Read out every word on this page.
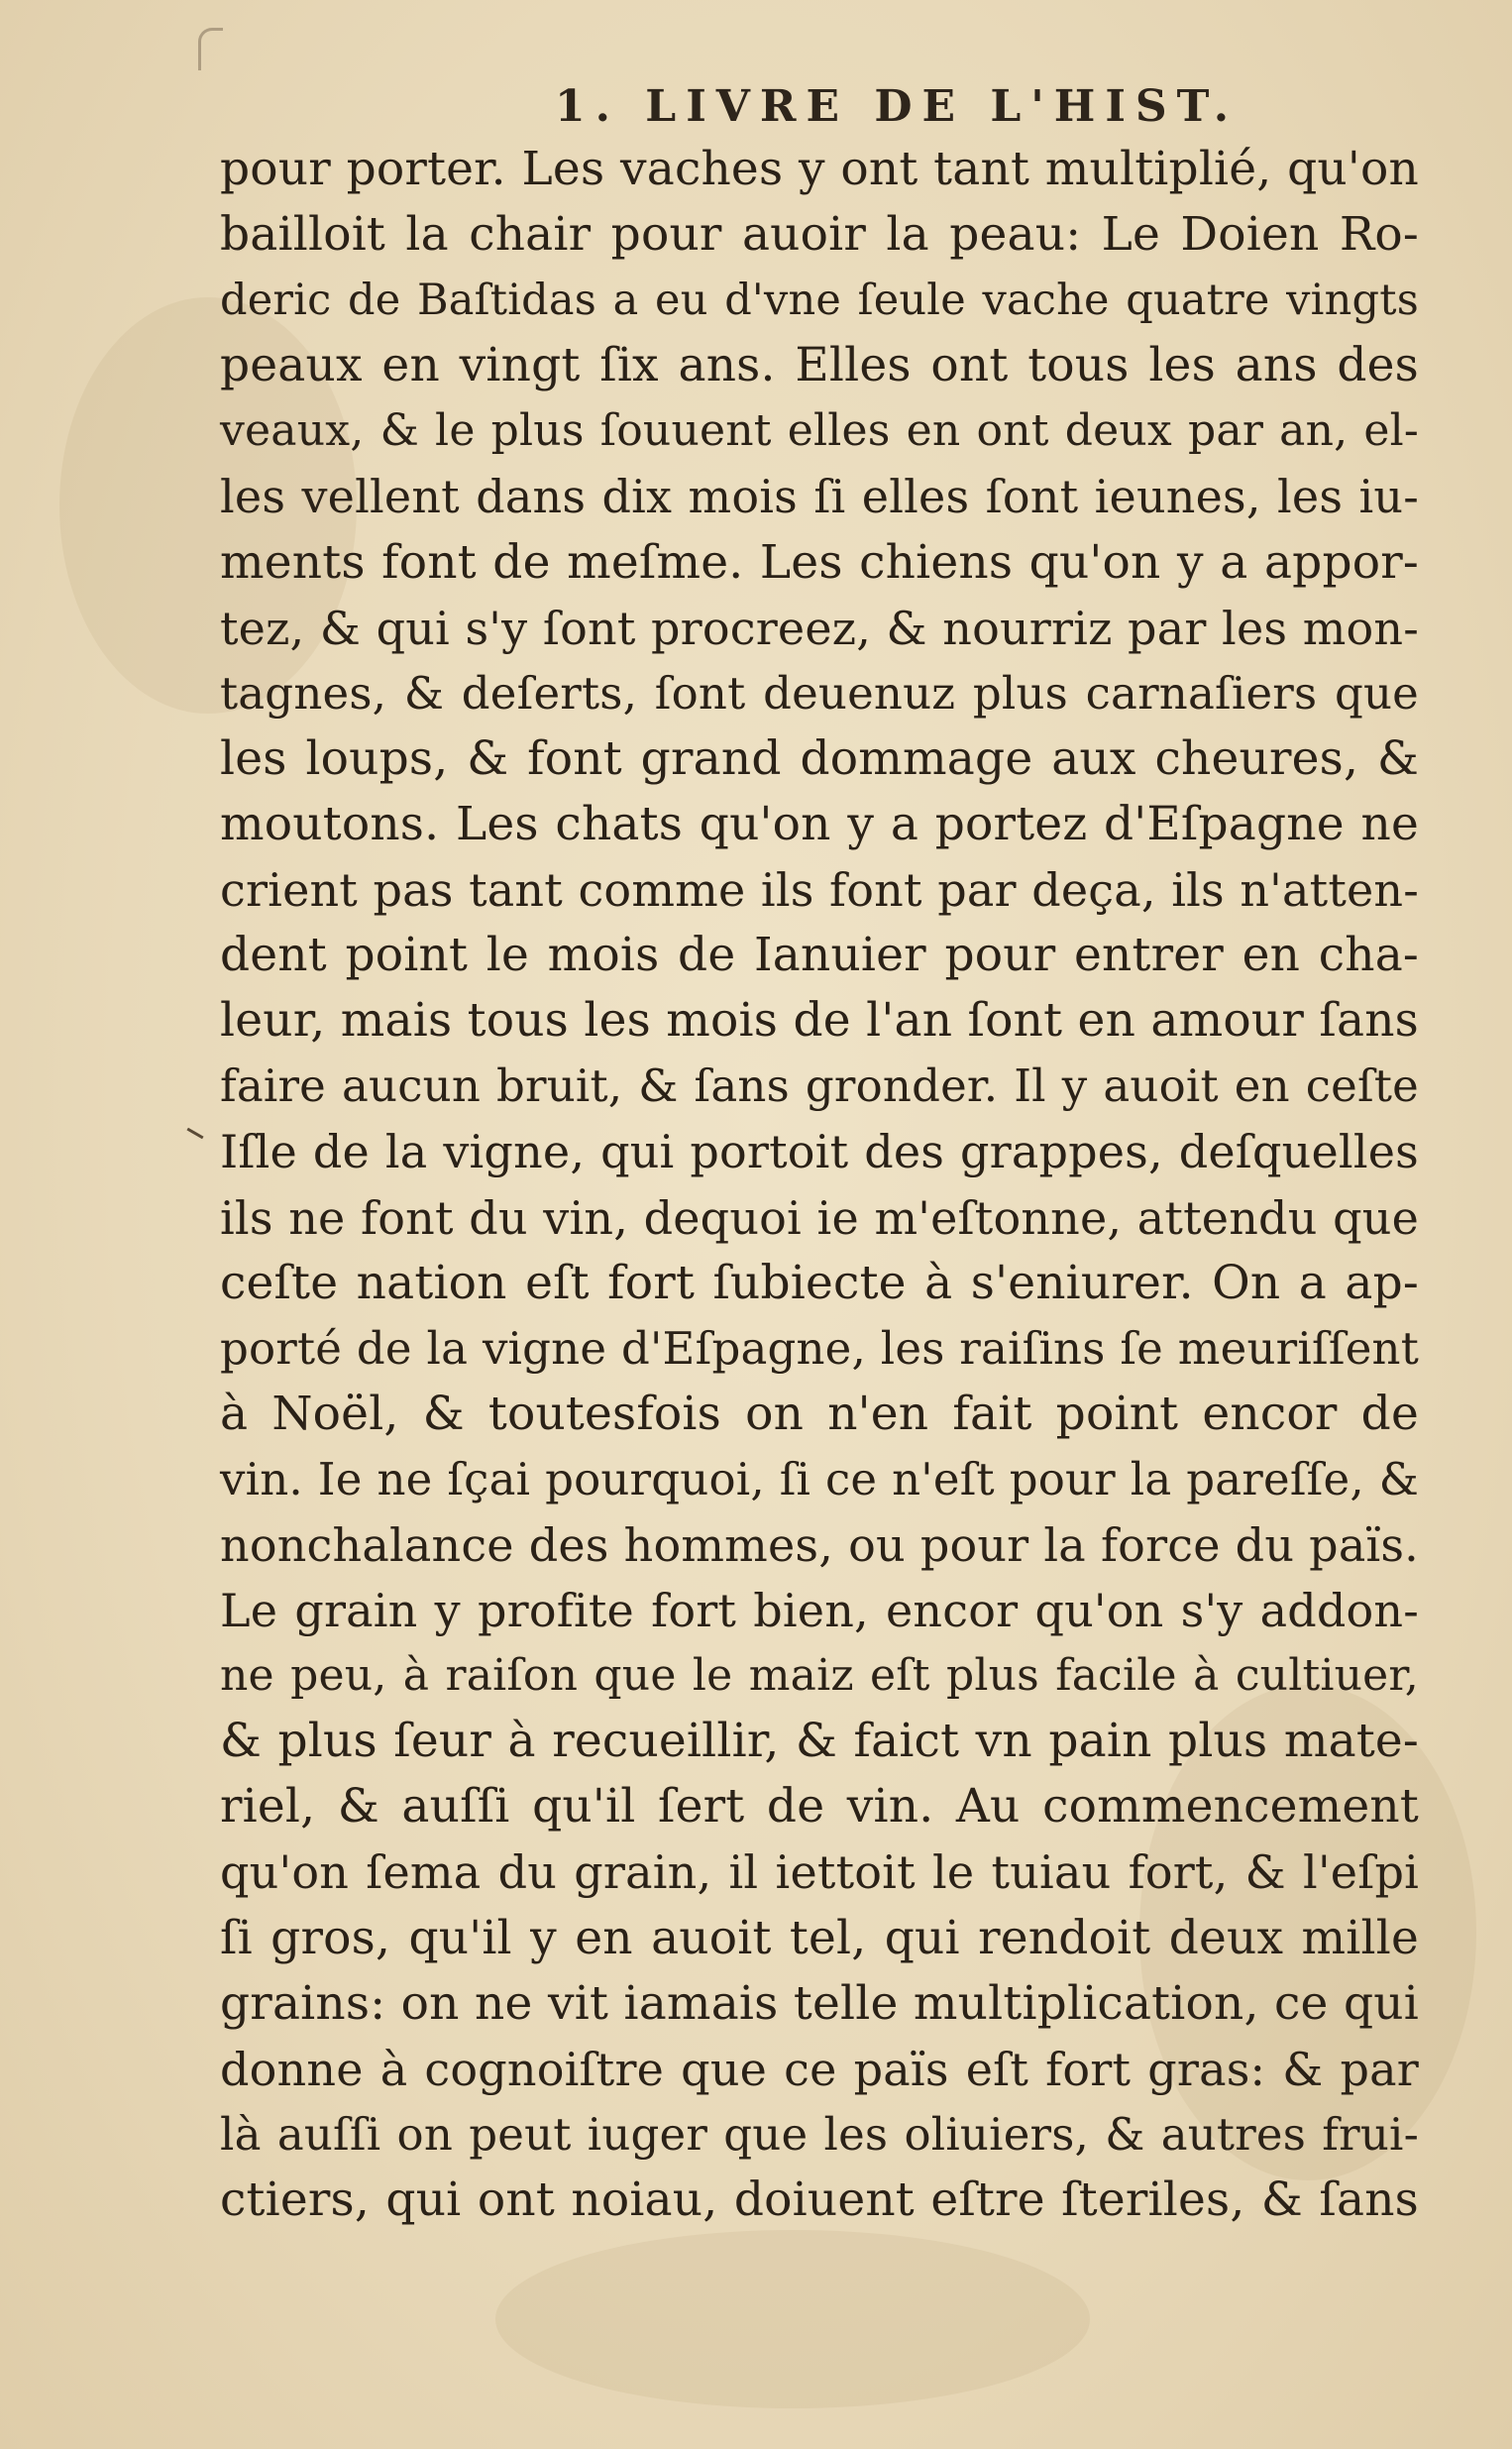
1. LIVRE DE L'HIST.
pour porter. Les vaches y ont tant multiplié, qu'on
bailloit la chair pour auoir la peau: Le Doien Ro-
deric de Baſtidas a eu d'vne ſeule vache quatre vingts
peaux en vingt ſix ans. Elles ont tous les ans des
veaux, & le plus ſouuent elles en ont deux par an, el-
les vellent dans dix mois ſi elles ſont ieunes, les iu-
ments font de meſme. Les chiens qu'on y a appor-
tez, & qui s'y ſont procreez, & nourriz par les mon-
tagnes, & deſerts, ſont deuenuz plus carnaſiers que
les loups, & font grand dommage aux cheures, &
moutons. Les chats qu'on y a portez d'Eſpagne ne
crient pas tant comme ils font par deça, ils n'atten-
dent point le mois de Ianuier pour entrer en cha-
leur, mais tous les mois de l'an ſont en amour ſans
faire aucun bruit, & ſans gronder. Il y auoit en ceſte
Iſle de la vigne, qui portoit des grappes, deſquelles
ils ne font du vin, dequoi ie m'eſtonne, attendu que
ceſte nation eſt fort ſubiecte à s'eniurer. On a ap-
porté de la vigne d'Eſpagne, les raiſins ſe meuriſſent
à Noël, & toutesfois on n'en fait point encor de
vin. Ie ne ſçai pourquoi, ſi ce n'eſt pour la pareſſe, &
nonchalance des hommes, ou pour la force du païs.
Le grain y profite fort bien, encor qu'on s'y addon-
ne peu, à raiſon que le maiz eſt plus facile à cultiuer,
& plus ſeur à recueillir, & faict vn pain plus mate-
riel, & auſſi qu'il ſert de vin. Au commencement
qu'on ſema du grain, il iettoit le tuiau fort, & l'eſpi
ſi gros, qu'il y en auoit tel, qui rendoit deux mille
grains: on ne vit iamais telle multiplication, ce qui
donne à cognoiſtre que ce païs eſt fort gras: & par
là auſſi on peut iuger que les oliuiers, & autres frui-
ctiers, qui ont noiau, doiuent eſtre ſteriles, & ſans
